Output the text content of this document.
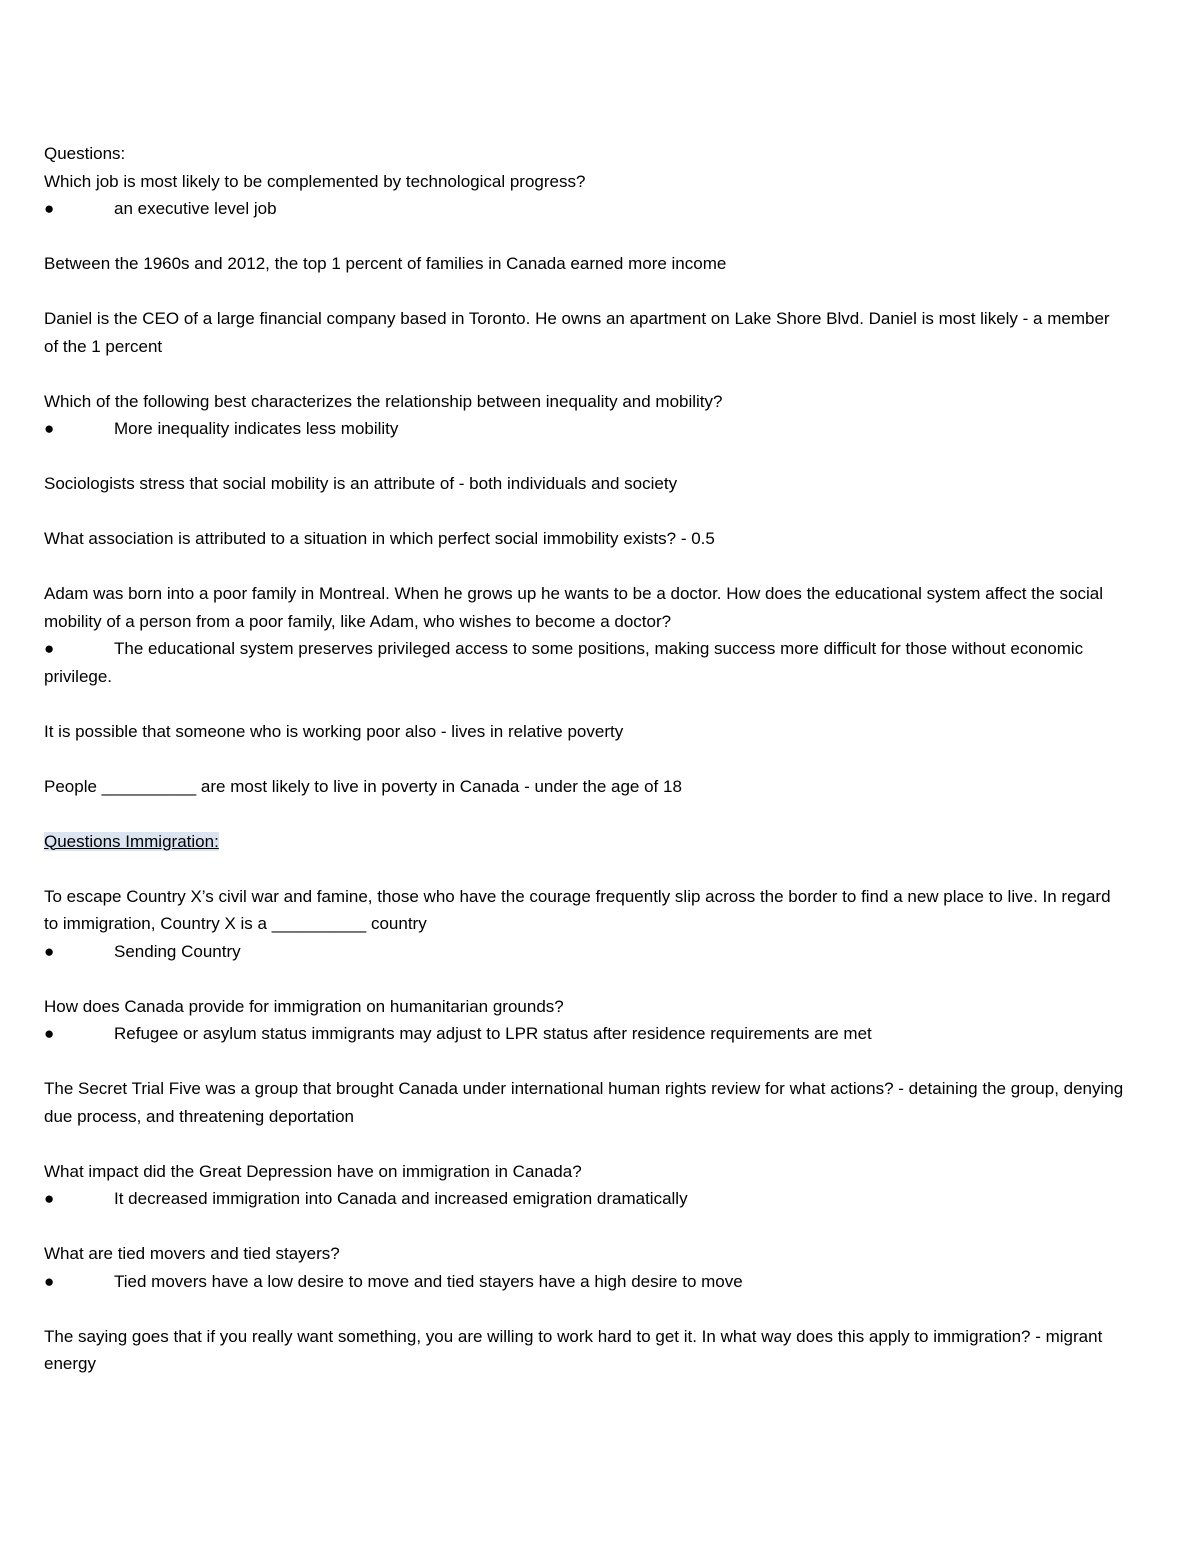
Questions:

Which job is most likely to be complemented by technological progress?

●	an executive level job

Between the 1960s and 2012, the top 1 percent of families in Canada earned more income

Daniel is the CEO of a large financial company based in Toronto. He owns an apartment on Lake Shore Blvd. Daniel is most likely - a member of the 1 percent

Which of the following best characterizes the relationship between inequality and mobility?

●	More inequality indicates less mobility

Sociologists stress that social mobility is an attribute of - both individuals and society

What association is attributed to a situation in which perfect social immobility exists? - 0.5

Adam was born into a poor family in Montreal. When he grows up he wants to be a doctor. How does the educational system affect the social mobility of a person from a poor family, like Adam, who wishes to become a doctor?

●	The educational system preserves privileged access to some positions, making success more difficult for those without economic privilege.

It is possible that someone who is working poor also - lives in relative poverty

People __________ are most likely to live in poverty in Canada - under the age of 18

Questions Immigration:

To escape Country X’s civil war and famine, those who have the courage frequently slip across the border to find a new place to live. In regard to immigration, Country X is a __________ country

●	Sending Country

How does Canada provide for immigration on humanitarian grounds?

●	Refugee or asylum status immigrants may adjust to LPR status after residence requirements are met

The Secret Trial Five was a group that brought Canada under international human rights review for what actions? - detaining the group, denying due process, and threatening deportation

What impact did the Great Depression have on immigration in Canada?

●	It decreased immigration into Canada and increased emigration dramatically

What are tied movers and tied stayers?

●	Tied movers have a low desire to move and tied stayers have a high desire to move

The saying goes that if you really want something, you are willing to work hard to get it. In what way does this apply to immigration? - migrant energy
